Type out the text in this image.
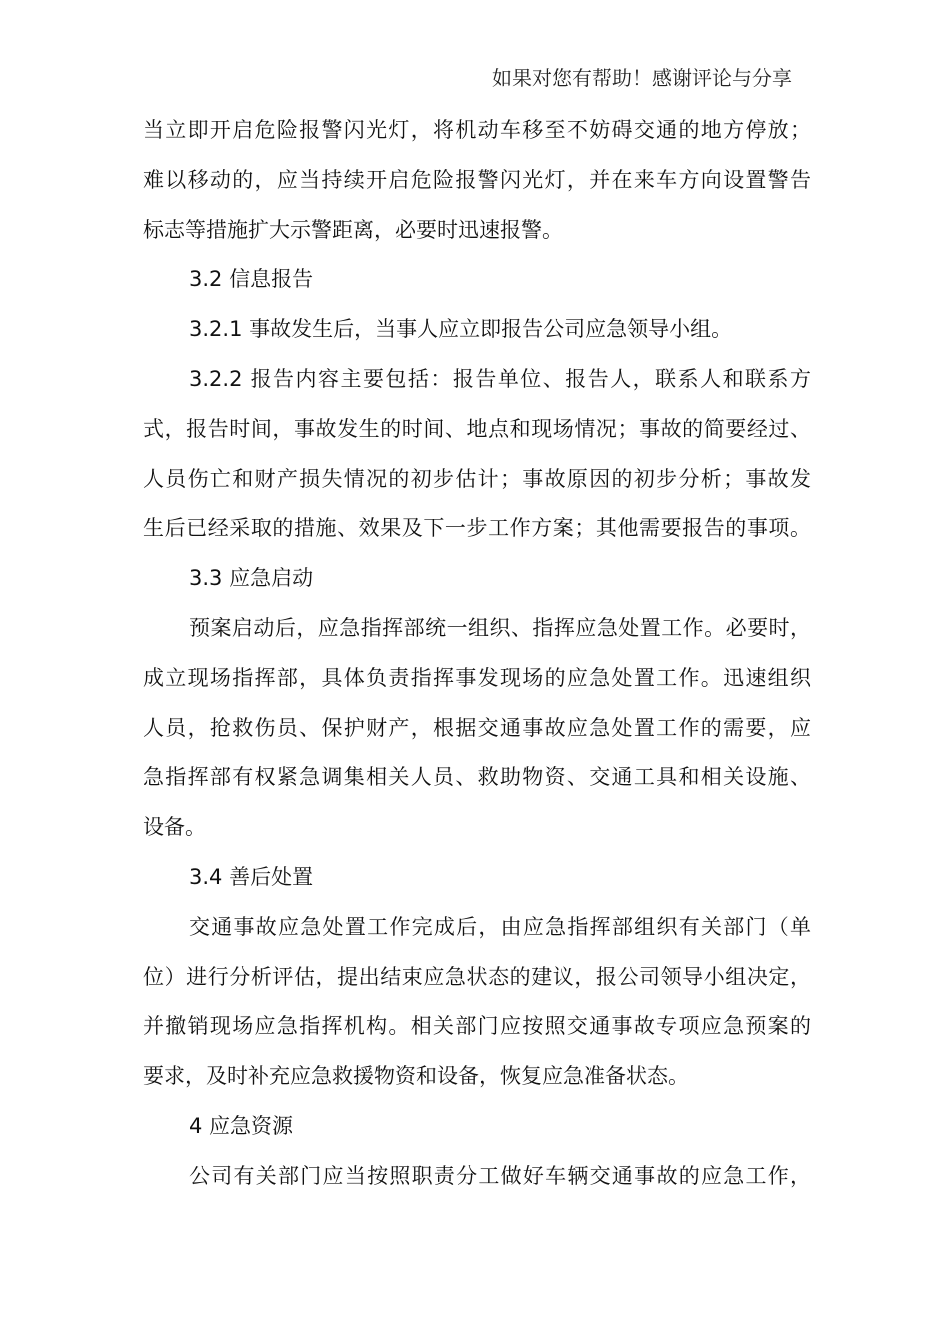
如果对您有帮助！感谢评论与分享
当立即开启危险报警闪光灯，将机动车移至不妨碍交通的地方停放；
难以移动的，应当持续开启危险报警闪光灯，并在来车方向设置警告
标志等措施扩大示警距离，必要时迅速报警。
3.2 信息报告
3.2.1 事故发生后，当事人应立即报告公司应急领导小组。
3.2.2 报告内容主要包括：报告单位、报告人，联系人和联系方
式，报告时间，事故发生的时间、地点和现场情况；事故的简要经过、
人员伤亡和财产损失情况的初步估计；事故原因的初步分析；事故发
生后已经采取的措施、效果及下一步工作方案；其他需要报告的事项。
3.3 应急启动
预案启动后，应急指挥部统一组织、指挥应急处置工作。必要时，
成立现场指挥部，具体负责指挥事发现场的应急处置工作。迅速组织
人员，抢救伤员、保护财产，根据交通事故应急处置工作的需要，应
急指挥部有权紧急调集相关人员、救助物资、交通工具和相关设施、
设备。
3.4 善后处置
交通事故应急处置工作完成后，由应急指挥部组织有关部门（单
位）进行分析评估，提出结束应急状态的建议，报公司领导小组决定，
并撤销现场应急指挥机构。相关部门应按照交通事故专项应急预案的
要求，及时补充应急救援物资和设备，恢复应急准备状态。
4 应急资源
公司有关部门应当按照职责分工做好车辆交通事故的应急工作，
